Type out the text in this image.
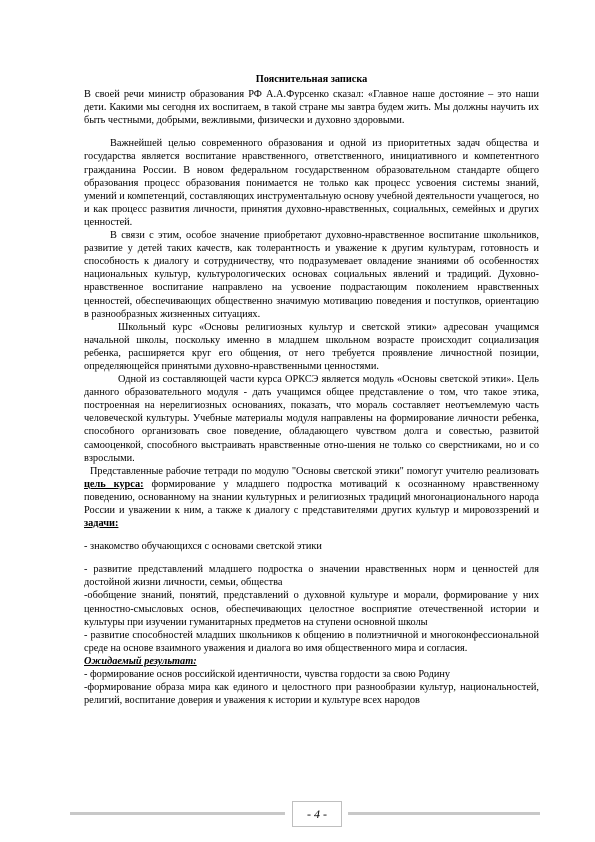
Пояснительная записка

В своей речи министр образования РФ А.А.Фурсенко сказал: «Главное наше достояние – это наши дети. Какими мы сегодня их воспитаем, в такой стране мы завтра будем жить. Мы должны научить их быть честными, добрыми, вежливыми, физически и духовно здоровыми.

Важнейшей целью современного образования и одной из приоритетных задач общества и государства является воспитание нравственного, ответственного, инициативного и компетентного гражданина России. В новом федеральном государственном образовательном стандарте общего образования процесс образования понимается не только как процесс усвоения системы знаний, умений и компетенций, составляющих инструментальную основу учебной деятельности учащегося, но и как процесс развития личности, принятия духовно-нравственных, социальных, семейных и других ценностей.

В связи с этим, особое значение приобретают духовно-нравственное воспитание школьников, развитие у детей таких качеств, как толерантность и уважение к другим культурам, готовность и способность к диалогу и сотрудничеству, что подразумевает овладение знаниями об особенностях национальных культур, культурологических основах социальных явлений и традиций. Духовно-нравственное воспитание направлено на усвоение подрастающим поколением нравственных ценностей, обеспечивающих общественно значимую мотивацию поведения и поступков, ориентацию в разнообразных жизненных ситуациях.

Школьный курс «Основы религиозных культур и светской этики» адресован учащимся начальной школы, поскольку именно в младшем школьном возрасте происходит социализация ребенка, расширяется круг его общения, от него требуется проявление личностной позиции, определяющейся принятыми духовно-нравственными ценностями.

Одной из составляющей части курса ОРКСЭ является модуль «Основы светской этики». Цель данного образовательного модуля - дать учащимся общее представление о том, что такое этика, построенная на нерелигиозных основаниях, показать, что мораль составляет неотъемлемую часть человеческой культуры. Учебные материалы модуля направлены на формирование личности ребенка, способного организовать свое поведение, обладающего чувством долга и совестью, развитой самооценкой, способного выстраивать нравственные отно-шения не только со сверстниками, но и со взрослыми.

Представленные рабочие тетради по модулю "Основы светской этики" помогут учителю реализовать цель курса: формирование у младшего подростка мотиваций к осознанному нравственному поведению, основанному на знании культурных и религиозных традиций многонационального народа России и уважении к ним, а также к диалогу с представителями других культур и мировоззрений и задачи:

- знакомство обучающихся с основами светской этики

- развитие представлений младшего подростка о значении нравственных норм и ценностей для достойной жизни личности, семьи, общества

-обобщение знаний, понятий, представлений о духовной культуре и морали, формирование у них ценностно-смысловых основ, обеспечивающих целостное восприятие отечественной истории и культуры при изучении гуманитарных предметов на ступени основной школы

- развитие способностей младших школьников к общению в полиэтничной и многоконфессиональной среде на основе взаимного уважения и диалога во имя общественного мира и согласия.

Ожидаемый результат:

- формирование основ российской идентичности, чувства гордости за свою Родину

-формирование образа мира как единого и целостного при разнообразии культур, национальностей, религий, воспитание доверия и уважения к истории и культуре всех народов

- 4 -
